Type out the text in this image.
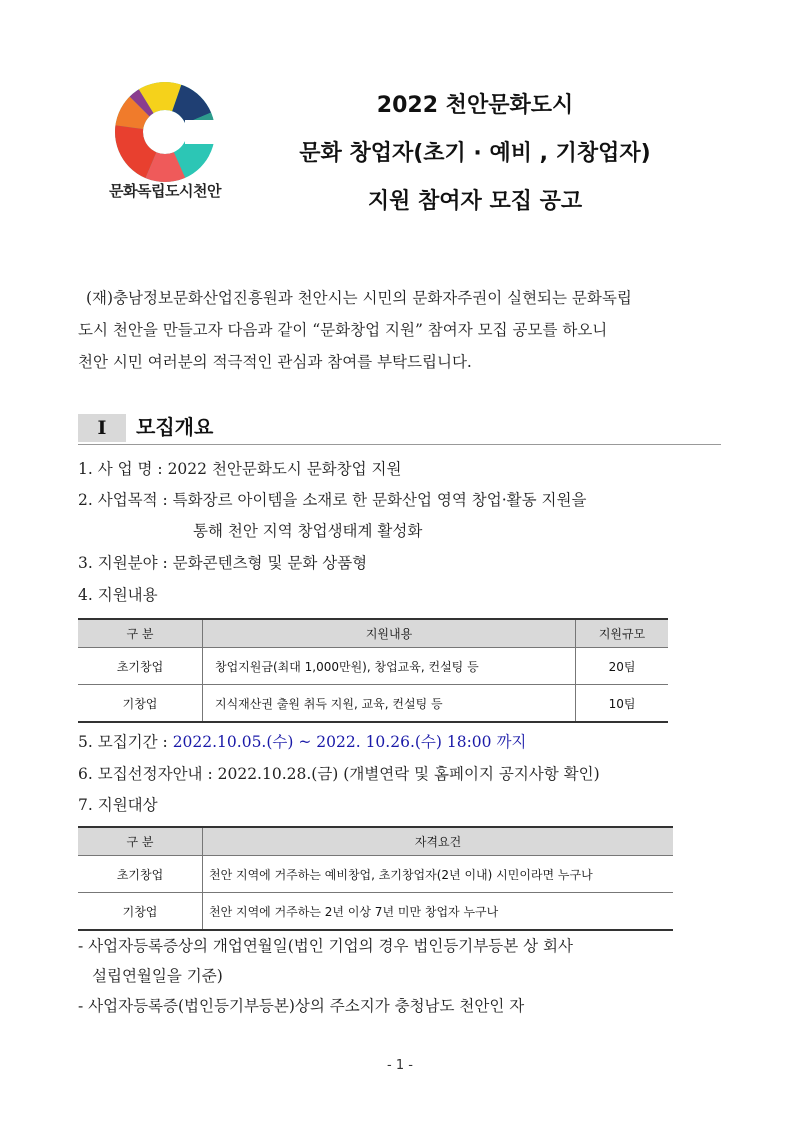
문화독립도시천안
2022 천안문화도시
문화 창업자(초기 · 예비 , 기창업자)
지원 참여자 모집 공고

(재)충남정보문화산업진흥원과 천안시는 시민의 문화자주권이 실현되는 문화독립

도시 천안을 만들고자 다음과 같이 “문화창업 지원” 참여자 모집 공모를 하오니

천안 시민 여러분의 적극적인 관심과 참여를 부탁드립니다.

I	모집개요
1. 사 업 명 : 2022 천안문화도시 문화창업 지원
2. 사업목적 : 특화장르 아이템을 소재로 한 문화산업 영역 창업·활동 지원을
통해 천안 지역 창업생태계 활성화
3. 지원분야 : 문화콘텐츠형 및 문화 상품형
4. 지원내용
구 분	지원내용	지원규모
초기창업	창업지원금(최대 1,000만원), 창업교육, 컨설팅 등	20팀
기창업	지식재산권 출원 취득 지원, 교육, 컨설팅 등	10팀
5. 모집기간 : 2022.10.05.(수) ~ 2022. 10.26.(수) 18:00 까지
6. 모집선정자안내 : 2022.10.28.(금) (개별연락 및 홈페이지 공지사항 확인)
7. 지원대상
구 분	자격요건
초기창업	천안 지역에 거주하는 예비창업, 초기창업자(2년 이내) 시민이라면 누구나
기창업	천안 지역에 거주하는 2년 이상 7년 미만 창업자 누구나
- 사업자등록증상의 개업연월일(법인 기업의 경우 법인등기부등본 상 회사
설립연월일을 기준)
- 사업자등록증(법인등기부등본)상의 주소지가 충청남도 천안인 자
- 1 -
